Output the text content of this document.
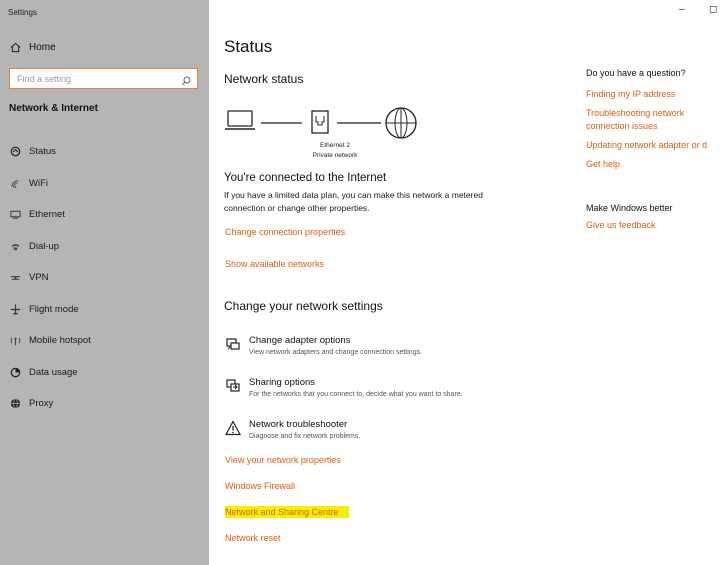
Settings
Home
Find a setting
Network & Internet
Status
WiFi
Ethernet
Dial-up
VPN
Flight mode
Mobile hotspot
Data usage
Proxy
– ◻
Status
Network status
Ethernet 2
Private network
You're connected to the Internet
If you have a limited data plan, you can make this network a metered connection or change other properties.
Change connection properties
Show available networks
Change your network settings
Change adapter options
View network adapters and change connection settings.
Sharing options
For the networks that you connect to, decide what you want to share.
Network troubleshooter
Diagnose and fix network problems.
View your network properties
Windows Firewall
Network and Sharing Centre
Network reset
Do you have a question?
Finding my IP address
Troubleshooting network
connection issues
Updating network adapter or d
Get help
Make Windows better
Give us feedback
